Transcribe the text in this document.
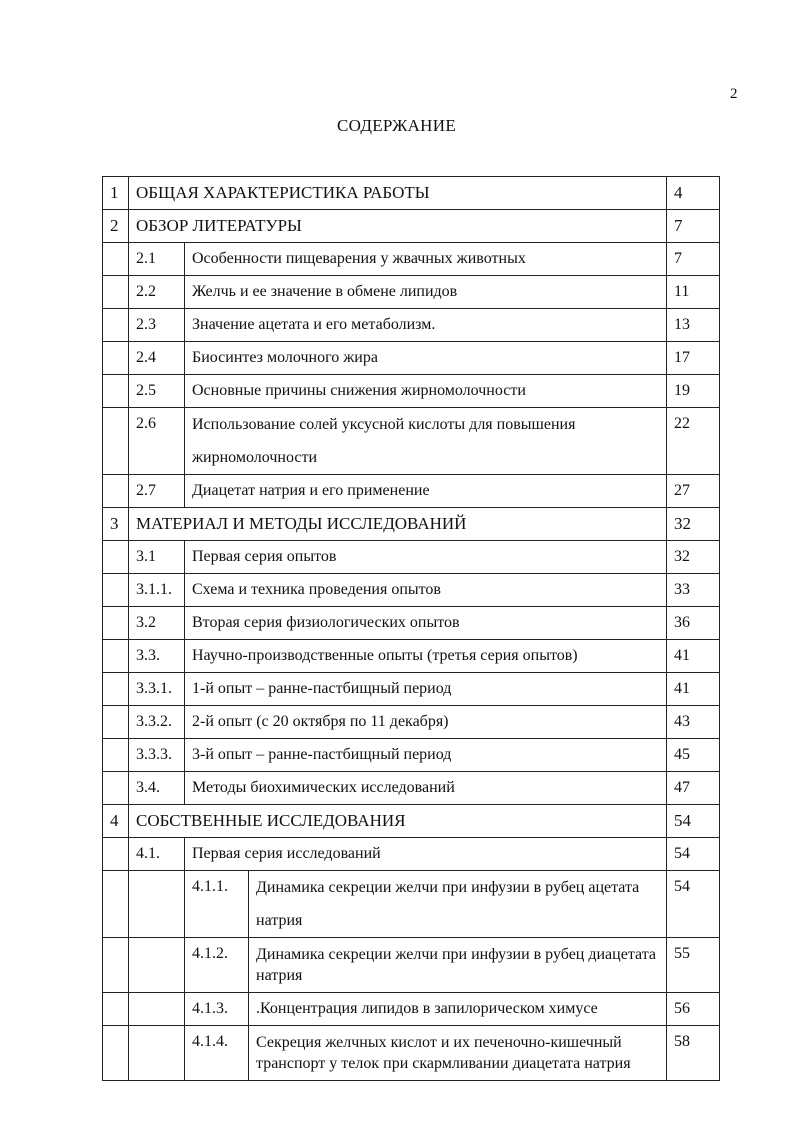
2
СОДЕРЖАНИЕ
1	ОБЩАЯ ХАРАКТЕРИСТИКА РАБОТЫ			4
2	ОБЗОР ЛИТЕРАТУРЫ			7
	2.1	Особенности пищеварения у жвачных животных		7
	2.2	Желчь и ее значение в обмене липидов		11
	2.3	Значение ацетата и его метаболизм.		13
	2.4	Биосинтез молочного жира		17
	2.5	Основные причины снижения жирномолочности		19
	2.6	Использование солей уксусной кислоты для повышения жирномолочности		22
	2.7	Диацетат натрия и его применение		27
3	МАТЕРИАЛ И МЕТОДЫ ИССЛЕДОВАНИЙ			32
	3.1	Первая серия опытов		32
	3.1.1.	Схема и техника проведения опытов		33
	3.2	Вторая серия физиологических опытов		36
	3.3.	Научно-производственные опыты (третья серия опытов)		41
	3.3.1.	1-й опыт – ранне-пастбищный период		41
	3.3.2.	2-й опыт (с 20 октября по 11 декабря)		43
	3.3.3.	3-й опыт – ранне-пастбищный период		45
	3.4.	Методы биохимических исследований		47
4	СОБСТВЕННЫЕ ИССЛЕДОВАНИЯ			54
	4.1.	Первая серия исследований		54
		4.1.1.	Динамика секреции желчи при инфузии в рубец ацетата натрия	54
		4.1.2.	Динамика секреции желчи при инфузии в рубец диацетата натрия	55
		4.1.3.	.Концентрация липидов в запилорическом химусе	56
		4.1.4.	Секреция желчных кислот и их печеночно-кишечный транспорт у телок при скармливании диацетата натрия	58
